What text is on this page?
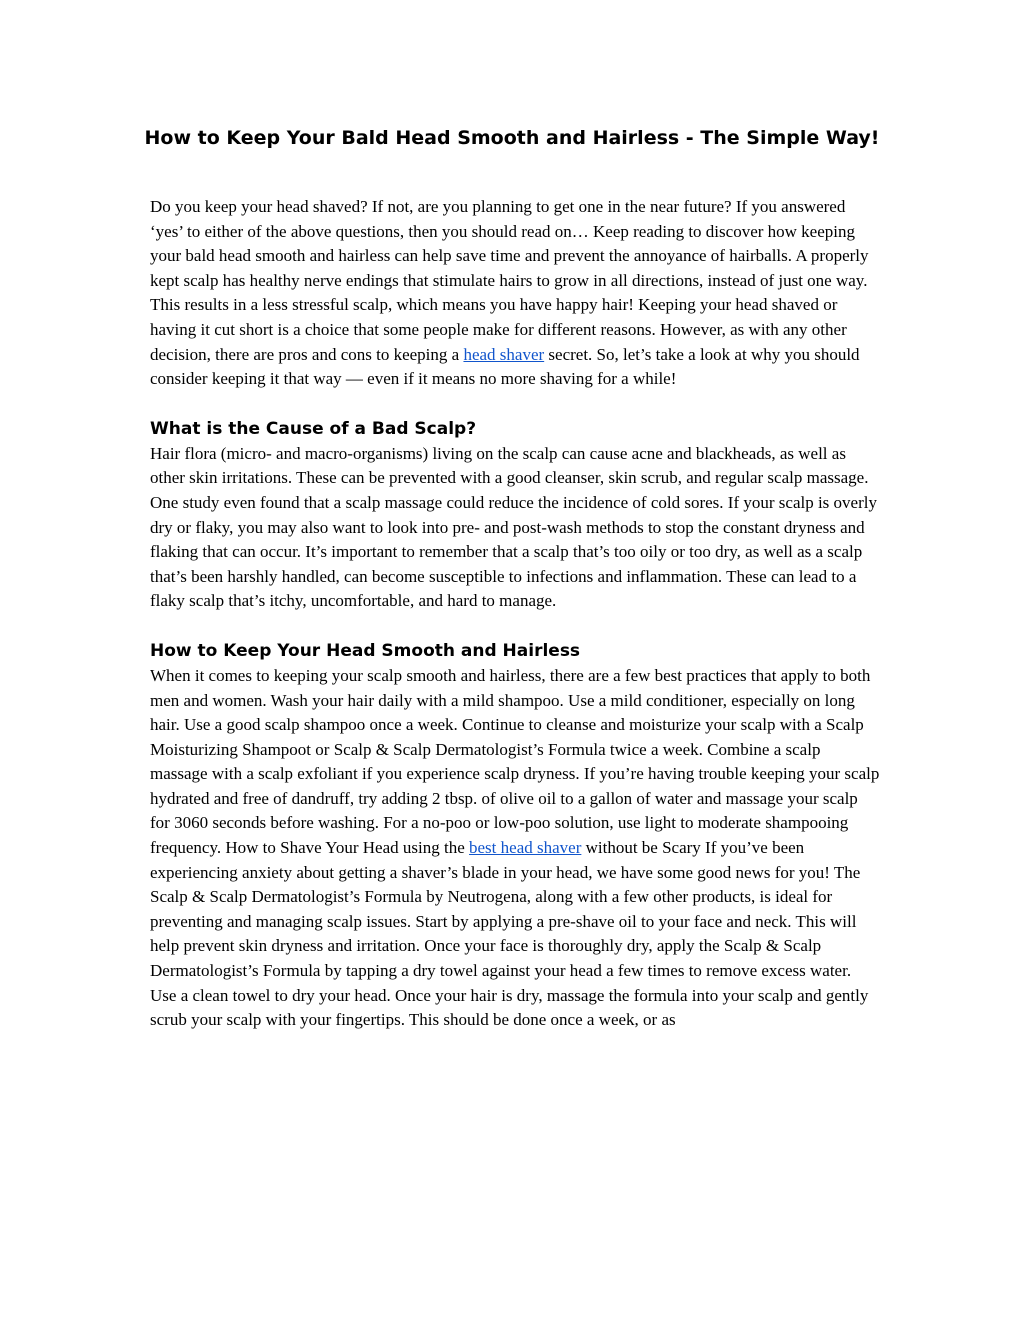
How to Keep Your Bald Head Smooth and Hairless - The Simple Way!

Do you keep your head shaved? If not, are you planning to get one in the near future? If you answered ‘yes’ to either of the above questions, then you should read on… Keep reading to discover how keeping your bald head smooth and hairless can help save time and prevent the annoyance of hairballs. A properly kept scalp has healthy nerve endings that stimulate hairs to grow in all directions, instead of just one way. This results in a less stressful scalp, which means you have happy hair! Keeping your head shaved or having it cut short is a choice that some people make for different reasons. However, as with any other decision, there are pros and cons to keeping a head shaver secret. So, let’s take a look at why you should consider keeping it that way — even if it means no more shaving for a while!

What is the Cause of a Bad Scalp?

Hair flora (micro- and macro-organisms) living on the scalp can cause acne and blackheads, as well as other skin irritations. These can be prevented with a good cleanser, skin scrub, and regular scalp massage. One study even found that a scalp massage could reduce the incidence of cold sores. If your scalp is overly dry or flaky, you may also want to look into pre- and post-wash methods to stop the constant dryness and flaking that can occur. It’s important to remember that a scalp that’s too oily or too dry, as well as a scalp that’s been harshly handled, can become susceptible to infections and inflammation. These can lead to a flaky scalp that’s itchy, uncomfortable, and hard to manage.

How to Keep Your Head Smooth and Hairless

When it comes to keeping your scalp smooth and hairless, there are a few best practices that apply to both men and women. Wash your hair daily with a mild shampoo. Use a mild conditioner, especially on long hair. Use a good scalp shampoo once a week. Continue to cleanse and moisturize your scalp with a Scalp Moisturizing Shampoot or Scalp & Scalp Dermatologist’s Formula twice a week. Combine a scalp massage with a scalp exfoliant if you experience scalp dryness. If you’re having trouble keeping your scalp hydrated and free of dandruff, try adding 2 tbsp. of olive oil to a gallon of water and massage your scalp for 3060 seconds before washing. For a no-poo or low-poo solution, use light to moderate shampooing frequency. How to Shave Your Head using the best head shaver without be Scary If you’ve been experiencing anxiety about getting a shaver’s blade in your head, we have some good news for you! The Scalp & Scalp Dermatologist’s Formula by Neutrogena, along with a few other products, is ideal for preventing and managing scalp issues. Start by applying a pre-shave oil to your face and neck. This will help prevent skin dryness and irritation. Once your face is thoroughly dry, apply the Scalp & Scalp Dermatologist’s Formula by tapping a dry towel against your head a few times to remove excess water. Use a clean towel to dry your head. Once your hair is dry, massage the formula into your scalp and gently scrub your scalp with your fingertips. This should be done once a week, or as
